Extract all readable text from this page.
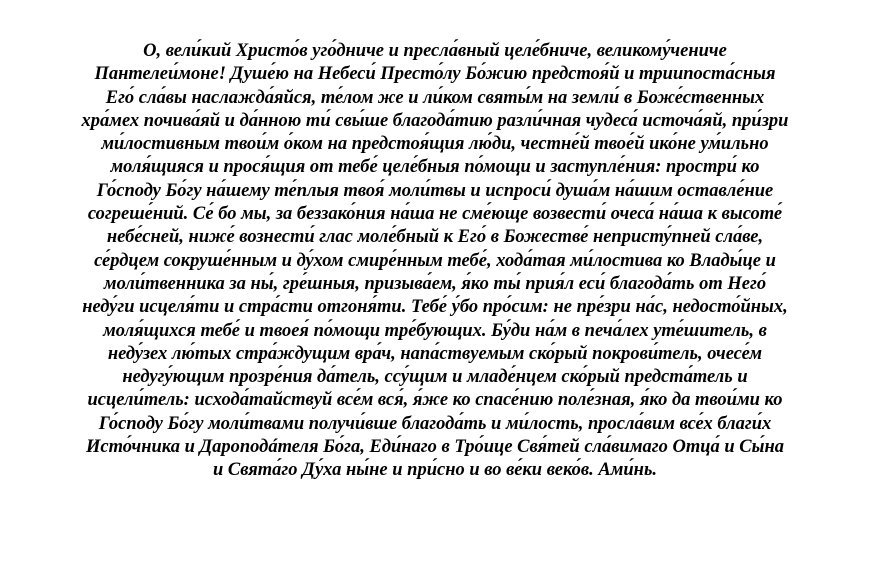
О, вели́кий Христо́в уго́дниче и пресла́вный целе́бниче, великому́чениче
Пантелеи́моне! Душе́ю на Небеси́ Престо́лу Бо́жию предстоя́й и триипоста́сныя
Его́ сла́вы наслажда́яйся, те́лом же и ли́ком святы́м на земли́ в Боже́ственных
хра́мех почива́яй и да́нною ти́ свы́ше благода́тию разли́чная чудеса́ источа́яй, при́зри
ми́лостивным твои́м о́ком на предстоя́щия лю́ди, честне́й твое́й ико́не ум́ильно
моля́щияся и прося́щия от тебе́ целе́бныя по́мощи и заступле́ния: простри́ ко
Го́споду Бо́гу на́шему те́плыя твоя́ моли́твы и испроси́ душа́м на́шим оставле́ние
согреше́ний. Се́ бо мы, за беззако́ния на́ша не сме́юще возвести́ очеса́ на́ша к высоте́
небе́сней, ниже́ вознести́ глас моле́бный к Его́ в Божестве́ непристу́пней сла́ве,
се́рдцем сокруше́нным и ду́хом смире́нным тебе́, хода́тая ми́лостива ко Влады́це и
моли́твенника за ны́, гре́шныя, призыва́ем, я́ко ты́ прия́л еси́ благода́ть от Него́
неду́ги исцеля́ти и стра́сти отгоня́ти. Тебе́ у́бо про́сим: не пре́зри на́с, недосто́йных,
моля́щихся тебе́ и твоея́ по́мощи тре́бующих. Бу́ди на́м в печа́лех уте́шитель, в
неду́зех лю́тых стра́ждущим вра́ч, напа́ствуемым ско́рый покрови́тель, очесе́м
недугу́ющим прозре́ния да́тель, ссу́щим и младе́нцем ско́рый предста́тель и
исцели́тель: исхода́тайствуй все́м вся́, я́же ко спасе́нию поле́зная, я́ко да твои́ми ко
Го́споду Бо́гу моли́твами получи́вше благода́ть и ми́лость, просла́вим все́х благи́х
Исто́чника и Дароподáтеля Бо́га, Еди́наго в Тро́ице Свя́тей сла́вимаго Отца́ и Сы́на
и Свята́го Ду́ха ны́не и при́сно и во ве́ки веко́в. Ами́нь.
